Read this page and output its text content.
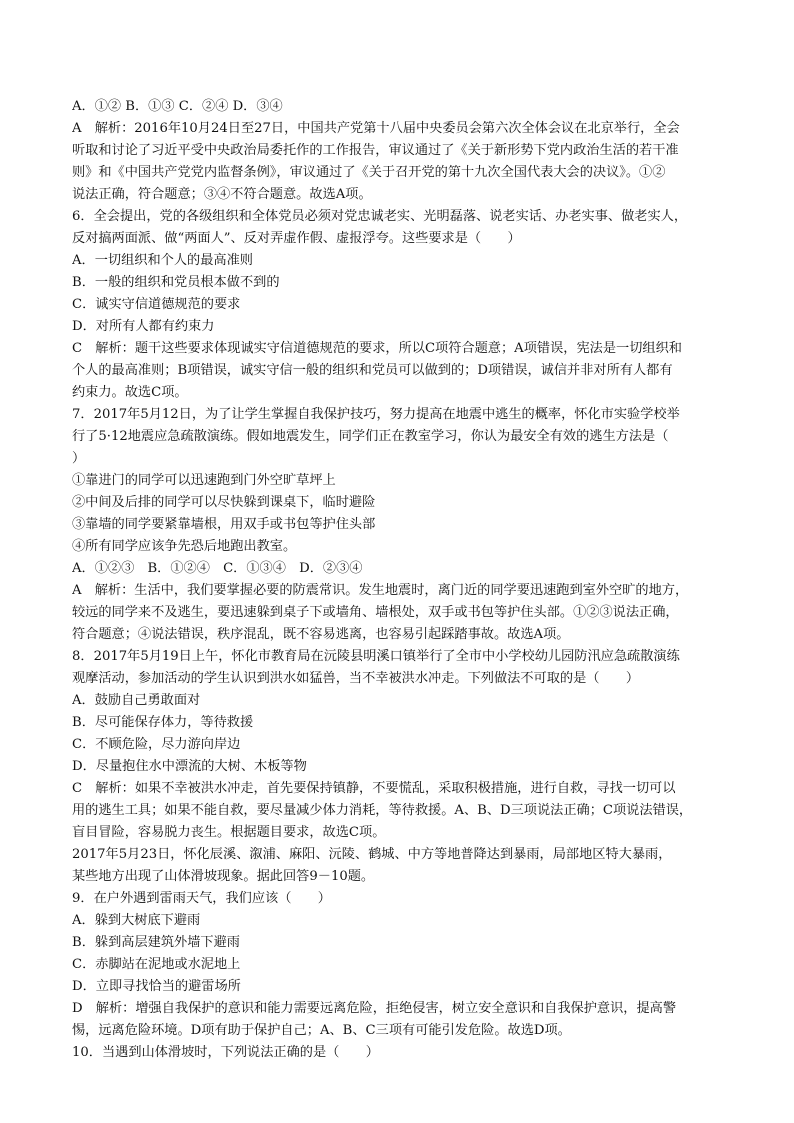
A．①② B．①③ C．②④ D．③④
A　解析：2016年10月24日至27日，中国共产党第十八届中央委员会第六次全体会议在北京举行，全会
听取和讨论了习近平受中央政治局委托作的工作报告，审议通过了《关于新形势下党内政治生活的若干准
则》和《中国共产党党内监督条例》，审议通过了《关于召开党的第十九次全国代表大会的决议》。①②
说法正确，符合题意；③④不符合题意。故选A项。
6．全会提出，党的各级组织和全体党员必须对党忠诚老实、光明磊落、说老实话、办老实事、做老实人，
反对搞两面派、做“两面人”、反对弄虚作假、虚报浮夸。这些要求是（　　）
A．一切组织和个人的最高准则
B．一般的组织和党员根本做不到的
C．诚实守信道德规范的要求
D．对所有人都有约束力
C　解析：题干这些要求体现诚实守信道德规范的要求，所以C项符合题意；A项错误，宪法是一切组织和
个人的最高准则；B项错误，诚实守信一般的组织和党员可以做到的；D项错误，诚信并非对所有人都有
约束力。故选C项。
7．2017年5月12日，为了让学生掌握自我保护技巧，努力提高在地震中逃生的概率，怀化市实验学校举
行了5·12地震应急疏散演练。假如地震发生，同学们正在教室学习，你认为最安全有效的逃生方法是（
）
①靠进门的同学可以迅速跑到门外空旷草坪上
②中间及后排的同学可以尽快躲到课桌下，临时避险
③靠墙的同学要紧靠墙根，用双手或书包等护住头部
④所有同学应该争先恐后地跑出教室。
A．①②③　B．①②④　C．①③④　D．②③④
A　解析：生活中，我们要掌握必要的防震常识。发生地震时，离门近的同学要迅速跑到室外空旷的地方，
较远的同学来不及逃生，要迅速躲到桌子下或墙角、墙根处，双手或书包等护住头部。①②③说法正确，
符合题意；④说法错误，秩序混乱，既不容易逃离，也容易引起踩踏事故。故选A项。
8．2017年5月19日上午，怀化市教育局在沅陵县明溪口镇举行了全市中小学校幼儿园防汛应急疏散演练
观摩活动，参加活动的学生认识到洪水如猛兽，当不幸被洪水冲走。下列做法不可取的是（　　）
A．鼓励自己勇敢面对
B．尽可能保存体力，等待救援
C．不顾危险，尽力游向岸边
D．尽量抱住水中漂流的大树、木板等物
C　解析：如果不幸被洪水冲走，首先要保持镇静，不要慌乱，采取积极措施，进行自救，寻找一切可以
用的逃生工具；如果不能自救，要尽量减少体力消耗，等待救援。A、B、D三项说法正确；C项说法错误，
盲目冒险，容易脱力丧生。根据题目要求，故选C项。
2017年5月23日，怀化辰溪、溆浦、麻阳、沅陵、鹤城、中方等地普降达到暴雨，局部地区特大暴雨，
某些地方出现了山体滑坡现象。据此回答9－10题。
9．在户外遇到雷雨天气，我们应该（　　）
A．躲到大树底下避雨
B．躲到高层建筑外墙下避雨
C．赤脚站在泥地或水泥地上
D．立即寻找恰当的避雷场所
D　解析：增强自我保护的意识和能力需要远离危险，拒绝侵害，树立安全意识和自我保护意识，提高警
惕，远离危险环境。D项有助于保护自己；A、B、C三项有可能引发危险。故选D项。
10．当遇到山体滑坡时，下列说法正确的是（　　）
